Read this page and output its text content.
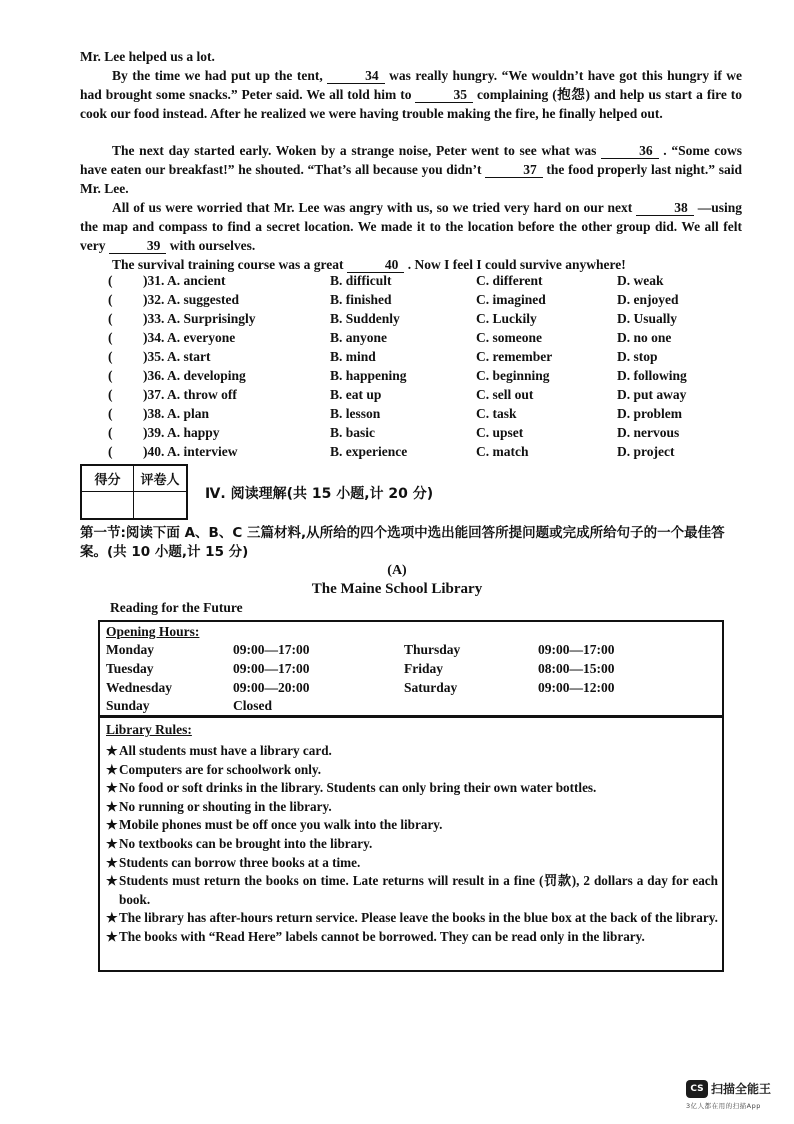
Mr. Lee helped us a lot.

By the time we had put up the tent,	34 was really hungry. “We wouldn’t have got this hungry if we had brought some snacks.” Peter said. We all told him to	35 complaining (抱怨) and help us start a fire to cook our food instead. After he realized we were having trouble making the fire, he finally helped out.

The next day started early. Woken by a strange noise, Peter went to see what was	36 . “Some cows have eaten our breakfast!” he shouted. “That’s all because you didn’t	37 the food properly last night.” said Mr. Lee.

All of us were worried that Mr. Lee was angry with us, so we tried very hard on our next	38 —using the map and compass to find a secret location. We made it to the location before the other group did. We all felt very	39 with ourselves.

The survival training course was a great	40 . Now I feel I could survive anywhere!

( )31. A. ancient	B. difficult	C. different	D. weak
( )32. A. suggested	B. finished	C. imagined	D. enjoyed
( )33. A. Surprisingly	B. Suddenly	C. Luckily	D. Usually
( )34. A. everyone	B. anyone	C. someone	D. no one
( )35. A. start	B. mind	C. remember	D. stop
( )36. A. developing	B. happening	C. beginning	D. following
( )37. A. throw off	B. eat up	C. sell out	D. put away
( )38. A. plan	B. lesson	C. task	D. problem
( )39. A. happy	B. basic	C. upset	D. nervous
( )40. A. interview	B. experience	C. match	D. project
得分	评卷人
Ⅳ. 阅读理解(共 15 小题,计 20 分)

第一节:阅读下面 A、B、C 三篇材料,从所给的四个选项中选出能回答所提问题或完成所给句子的一个最佳答案。(共 10 小题,计 15 分)

(A)
The Maine School Library
Reading for the Future
Opening Hours:
Monday	09:00—17:00	Thursday	09:00—17:00
Tuesday	09:00—17:00	Friday	08:00—15:00
Wednesday	09:00—20:00	Saturday	09:00—12:00
Sunday	Closed
Library Rules:
★ All students must have a library card.
★ Computers are for schoolwork only.
★ No food or soft drinks in the library. Students can only bring their own water bottles.
★ No running or shouting in the library.
★ Mobile phones must be off once you walk into the library.
★ No textbooks can be brought into the library.
★ Students can borrow three books at a time.
★ Students must return the books on time. Late returns will result in a fine (罚款), 2 dollars a day for each book.
★ The library has after-hours return service. Please leave the books in the blue box at the back of the library.
★ The books with “Read Here” labels cannot be borrowed. They can be read only in the library.
CS 扫描全能王
3亿人都在用的扫描App
